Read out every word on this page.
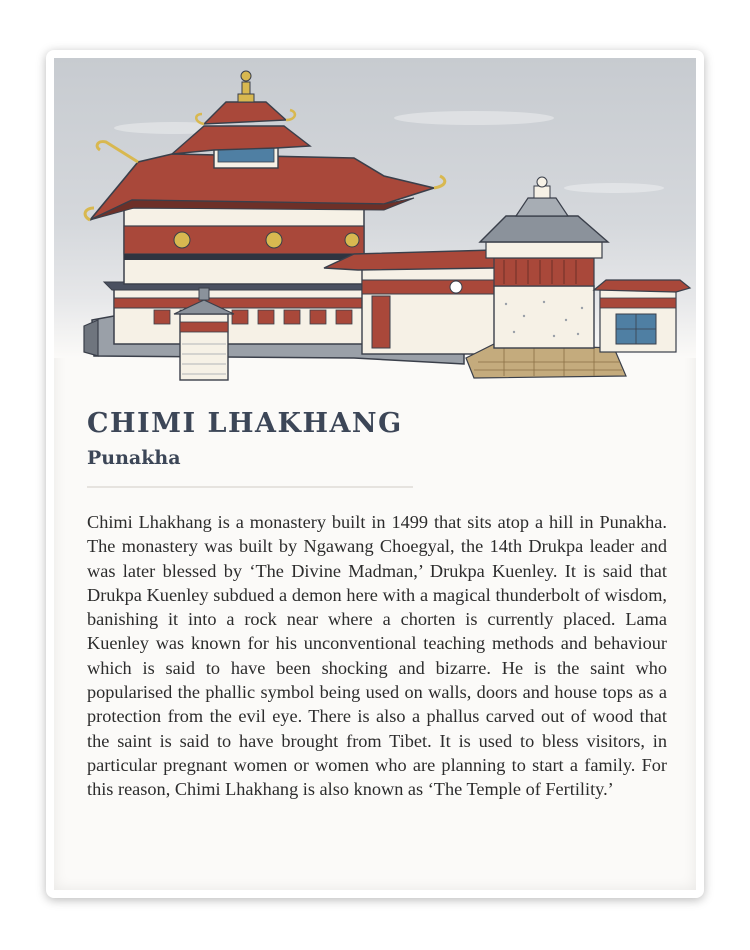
CHIMI LHAKHANG
Punakha

Chimi Lhakhang is a monastery built in 1499 that sits atop a hill in Punakha. The monastery was built by Ngawang Choegyal, the 14th Drukpa leader and was later blessed by ‘The Divine Madman,’ Drukpa Kuenley. It is said that Drukpa Kuenley subdued a demon here with a magical thunderbolt of wisdom, banishing it into a rock near where a chorten is currently placed. Lama Kuenley was known for his unconventional teaching methods and behaviour which is said to have been shocking and bizarre. He is the saint who popularised the phallic symbol being used on walls, doors and house tops as a protection from the evil eye. There is also a phallus carved out of wood that the saint is said to have brought from Tibet. It is used to bless visitors, in particular pregnant women or women who are planning to start a family. For this reason, Chimi Lhakhang is also known as ‘The Temple of Fertility.’
